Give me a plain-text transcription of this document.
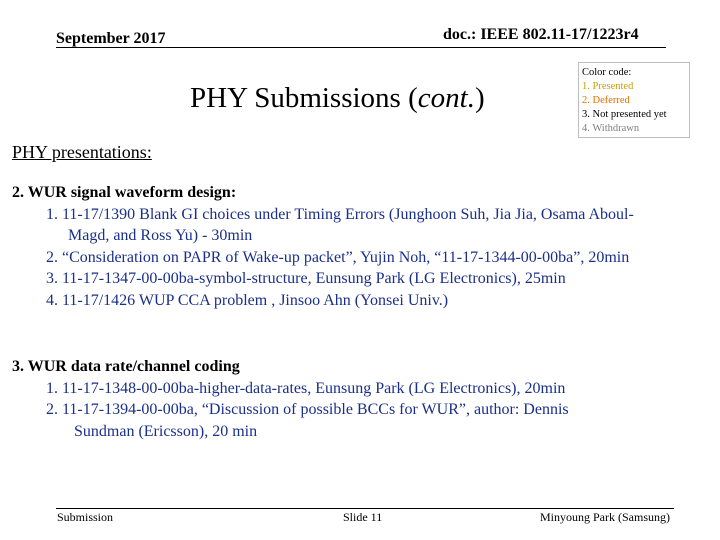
September 2017	doc.: IEEE 802.11-17/1223r4
PHY Submissions (cont.)
Color code:
1. Presented
2. Deferred
3. Not presented yet
4. Withdrawn
PHY presentations:
2. WUR signal waveform design:
1. 11-17/1390 Blank GI choices under Timing Errors (Junghoon Suh, Jia Jia, Osama Aboul-
Magd, and Ross Yu) - 30min
2. “Consideration on PAPR of Wake-up packet”, Yujin Noh, “11-17-1344-00-00ba”, 20min
3. 11-17-1347-00-00ba-symbol-structure, Eunsung Park (LG Electronics), 25min
4. 11-17/1426 WUP CCA problem , Jinsoo Ahn (Yonsei Univ.)
3. WUR data rate/channel coding
1. 11-17-1348-00-00ba-higher-data-rates, Eunsung Park (LG Electronics), 20min
2. 11-17-1394-00-00ba, “Discussion of possible BCCs for WUR”, author: Dennis
Sundman (Ericsson), 20 min
Submission	Slide 11	Minyoung Park (Samsung)
